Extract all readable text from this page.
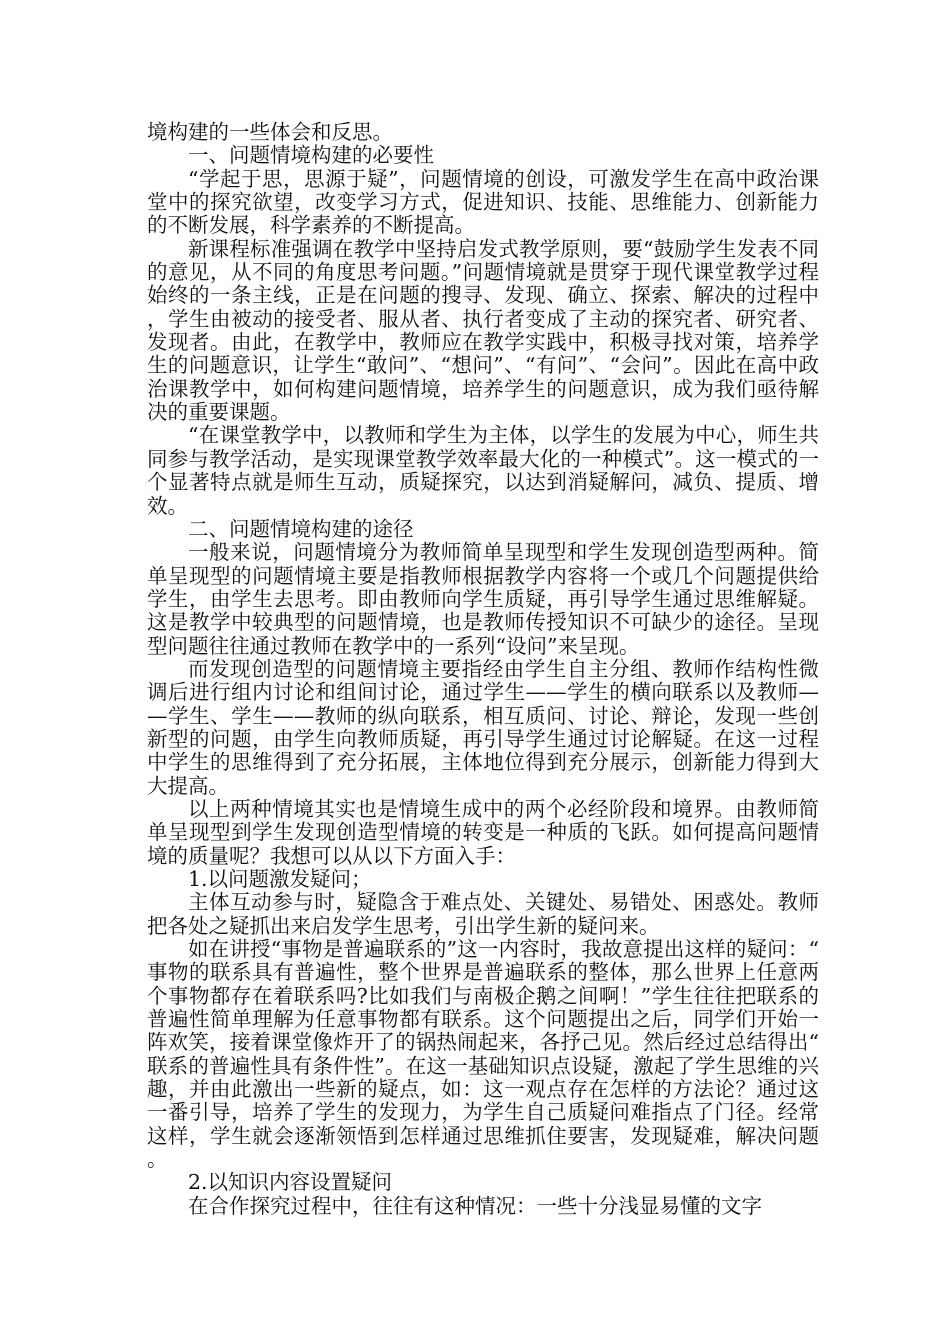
境构建的一些体会和反思。

一、问题情境构建的必要性

“学起于思，思源于疑”，问题情境的创设，可激发学生在高中政治课堂中的探究欲望，改变学习方式，促进知识、技能、思维能力、创新能力的不断发展，科学素养的不断提高。

新课程标准强调在教学中坚持启发式教学原则，要“鼓励学生发表不同的意见，从不同的角度思考问题。”问题情境就是贯穿于现代课堂教学过程始终的一条主线，正是在问题的搜寻、发现、确立、探索、解决的过程中，学生由被动的接受者、服从者、执行者变成了主动的探究者、研究者、发现者。由此，在教学中，教师应在教学实践中，积极寻找对策，培养学生的问题意识，让学生“敢问”、“想问”、“有问”、“会问”。因此在高中政治课教学中，如何构建问题情境，培养学生的问题意识，成为我们亟待解决的重要课题。

“在课堂教学中，以教师和学生为主体，以学生的发展为中心，师生共同参与教学活动，是实现课堂教学效率最大化的一种模式”。这一模式的一个显著特点就是师生互动，质疑探究，以达到消疑解问，减负、提质、增效。

二、问题情境构建的途径

一般来说，问题情境分为教师简单呈现型和学生发现创造型两种。简单呈现型的问题情境主要是指教师根据教学内容将一个或几个问题提供给学生，由学生去思考。即由教师向学生质疑，再引导学生通过思维解疑。这是教学中较典型的问题情境，也是教师传授知识不可缺少的途径。呈现型问题往往通过教师在教学中的一系列“设问”来呈现。

而发现创造型的问题情境主要指经由学生自主分组、教师作结构性微调后进行组内讨论和组间讨论，通过学生——学生的横向联系以及教师——学生、学生——教师的纵向联系，相互质问、讨论、辩论，发现一些创新型的问题，由学生向教师质疑，再引导学生通过讨论解疑。在这一过程中学生的思维得到了充分拓展，主体地位得到充分展示，创新能力得到大大提高。

以上两种情境其实也是情境生成中的两个必经阶段和境界。由教师简单呈现型到学生发现创造型情境的转变是一种质的飞跃。如何提高问题情境的质量呢？我想可以从以下方面入手：

1.以问题激发疑问；

主体互动参与时，疑隐含于难点处、关键处、易错处、困惑处。教师把各处之疑抓出来启发学生思考，引出学生新的疑问来。

如在讲授“事物是普遍联系的”这一内容时，我故意提出这样的疑问：“事物的联系具有普遍性，整个世界是普遍联系的整体，那么世界上任意两个事物都存在着联系吗?比如我们与南极企鹅之间啊！”学生往往把联系的普遍性简单理解为任意事物都有联系。这个问题提出之后，同学们开始一阵欢笑，接着课堂像炸开了的锅热闹起来，各抒己见。然后经过总结得出“联系的普遍性具有条件性”。在这一基础知识点设疑，激起了学生思维的兴趣，并由此激出一些新的疑点，如：这一观点存在怎样的方法论？通过这一番引导，培养了学生的发现力，为学生自己质疑问难指点了门径。经常这样，学生就会逐渐领悟到怎样通过思维抓住要害，发现疑难，解决问题。

2.以知识内容设置疑问

在合作探究过程中，往往有这种情况：一些十分浅显易懂的文字
